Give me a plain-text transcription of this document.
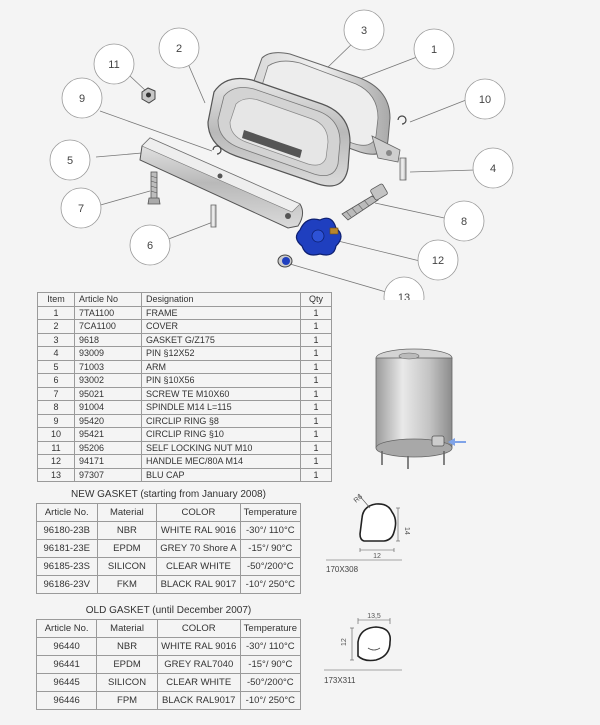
1
2
3
4
5
6
7
8
9	10
11
12
13
Item	Article No	Designation	Qty
1	7TA1100	FRAME	1
2	7CA1100	COVER	1
3	9618	GASKET G/Z175	1
4	93009	PIN §12X52	1
5	71003	ARM	1
6	93002	PIN §10X56	1
7	95021	SCREW TE M10X60	1
8	91004	SPINDLE M14 L=115	1
9	95420	CIRCLIP RING §8	1
10	95421	CIRCLIP RING §10	1
11	95206	SELF LOCKING NUT M10	1
12	94171	HANDLE MEC/80A M14	1
13	97307	BLU CAP	1
NEW GASKET (starting from January 2008)			
Article No.	Material	COLOR	Temperature
96180-23B	NBR	WHITE RAL 9016	-30°/ 110°C
96181-23E	EPDM	GREY 70 Shore A	-15°/ 90°C
96185-23S	SILICON	CLEAR WHITE	-50°/200°C
96186-23V	FKM	BLACK RAL 9017	-10°/ 250°C
R6
14
12
170X308
OLD GASKET (until December 2007)			
Article No.	Material	COLOR	Temperature
96440	NBR	WHITE RAL 9016	-30°/ 110°C
96441	EPDM	GREY RAL7040	-15°/ 90°C
96445	SILICON	CLEAR WHITE	-50°/200°C
96446	FPM	BLACK RAL9017	-10°/ 250°C
13,5
12
173X311
